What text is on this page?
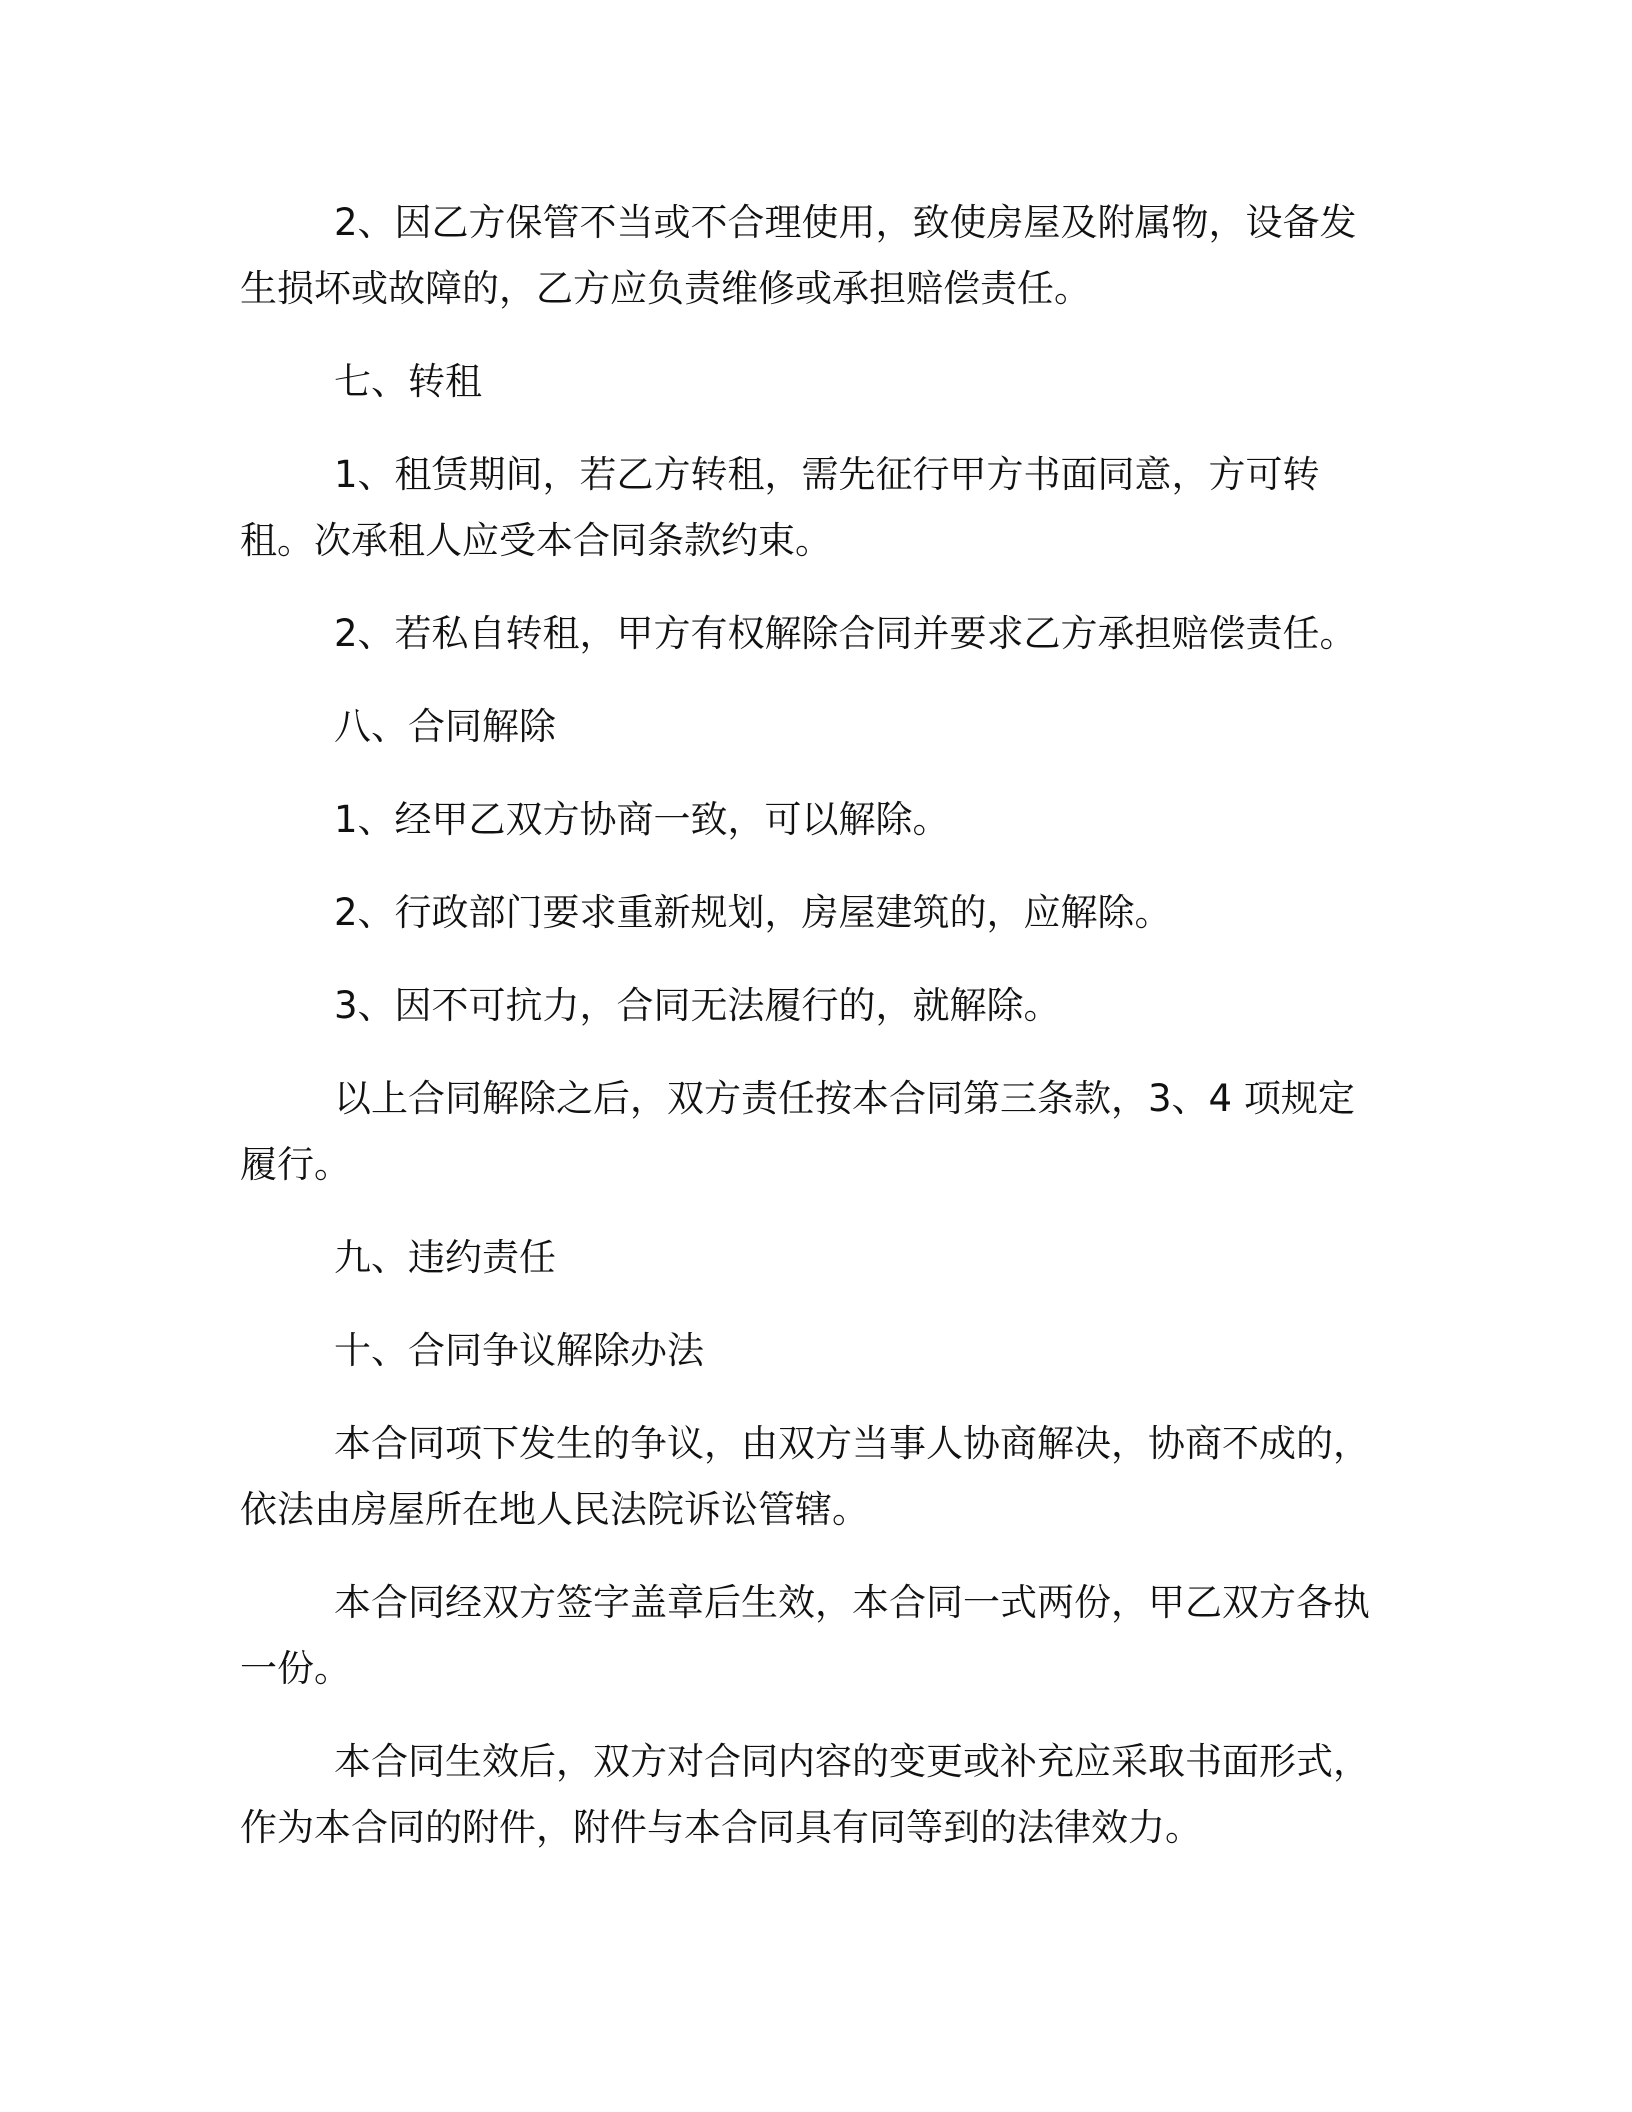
2、因乙方保管不当或不合理使用，致使房屋及附属物，设备发生损坏或故障的，乙方应负责维修或承担赔偿责任。

七、转租

1、租赁期间，若乙方转租，需先征行甲方书面同意，方可转租。次承租人应受本合同条款约束。

2、若私自转租，甲方有权解除合同并要求乙方承担赔偿责任。

八、合同解除

1、经甲乙双方协商一致，可以解除。

2、行政部门要求重新规划，房屋建筑的，应解除。

3、因不可抗力，合同无法履行的，就解除。

以上合同解除之后，双方责任按本合同第三条款，3、4 项规定履行。

九、违约责任

十、合同争议解除办法

本合同项下发生的争议，由双方当事人协商解决，协商不成的，依法由房屋所在地人民法院诉讼管辖。

本合同经双方签字盖章后生效，本合同一式两份，甲乙双方各执一份。

本合同生效后，双方对合同内容的变更或补充应采取书面形式，作为本合同的附件，附件与本合同具有同等到的法律效力。
